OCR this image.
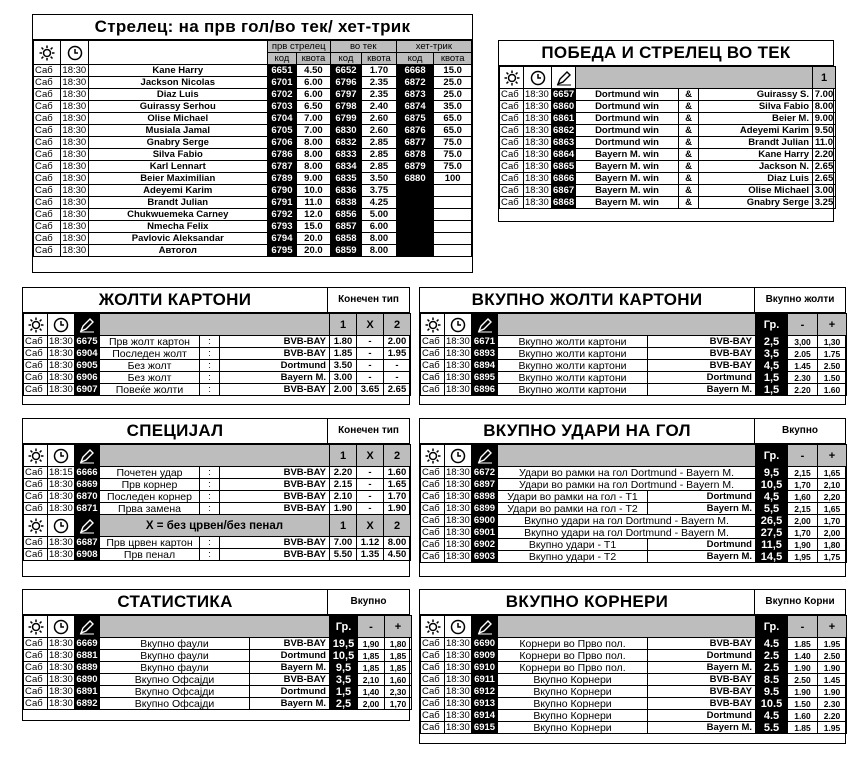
Стрелец: на прв гол/во тек/ хет-трик

		прв стрелец		во тек		хет-трик	
			код	квота	код	квота	код	квота
Саб	18:30	Kane Harry	6651	4.50	6652	1.70	6668	15.0
Саб	18:30	Jackson Nicolas	6701	6.00	6796	2.35	6872	25.0
Саб	18:30	Diaz Luis	6702	6.00	6797	2.35	6873	25.0
Саб	18:30	Guirassy Serhou	6703	6.50	6798	2.40	6874	35.0
Саб	18:30	Olise Michael	6704	7.00	6799	2.60	6875	65.0
Саб	18:30	Musiala Jamal	6705	7.00	6830	2.60	6876	65.0
Саб	18:30	Gnabry Serge	6706	8.00	6832	2.85	6877	75.0
Саб	18:30	Silva Fabio	6786	8.00	6833	2.85	6878	75.0
Саб	18:30	Karl Lennart	6787	8.00	6834	2.85	6879	75.0
Саб	18:30	Beier Maximilian	6789	9.00	6835	3.50	6880	100
Саб	18:30	Adeyemi Karim	6790	10.0	6836	3.75		
Саб	18:30	Brandt Julian	6791	11.0	6838	4.25		
Саб	18:30	Chukwuemeka Carney	6792	12.0	6856	5.00		
Саб	18:30	Nmecha Felix	6793	15.0	6857	6.00		
Саб	18:30	Pavlovic Aleksandar	6794	20.0	6858	8.00		
Саб	18:30	Автогол	6795	20.0	6859	8.00		
ПОБЕДА И СТРЕЛЕЦ ВО ТЕК

		1
Саб	18:30	6657	Dortmund win	&	Guirassy S.	7.00
Саб	18:30	6860	Dortmund win	&	Silva Fabio	8.00
Саб	18:30	6861	Dortmund win	&	Beier M.	9.00
Саб	18:30	6862	Dortmund win	&	Adeyemi Karim	9.50
Саб	18:30	6863	Dortmund win	&	Brandt Julian	11.0
Саб	18:30	6864	Bayern M. win	&	Kane Harry	2.20
Саб	18:30	6865	Bayern M. win	&	Jackson N.	2.65
Саб	18:30	6866	Bayern M. win	&	Diaz Luis	2.65
Саб	18:30	6867	Bayern M. win	&	Olise Michael	3.00
Саб	18:30	6868	Bayern M. win	&	Gnabry Serge	3.25
ЖОЛТИ КАРТОНИ	Конечен тип

		1	X	2
Саб	18:30	6675	Прв жолт картон	:	BVB-BAY	1.80	-	2.00
Саб	18:30	6904	Последен жолт	:	BVB-BAY	1.85	-	1.95
Саб	18:30	6905	Без жолт	:	Dortmund	3.50	-	-
Саб	18:30	6906	Без жолт	:	Bayern M.	3.00	-	-
Саб	18:30	6907	Повеќе жолти	:	BVB-BAY	2.00	3.65	2.65
ВКУПНО ЖОЛТИ КАРТОНИ	Вкупно жолти

		Гр.	-	+
Саб	18:30	6671	Вкупно жолти картони	BVB-BAY	2,5	3,00	1,30
Саб	18:30	6893	Вкупно жолти картони	BVB-BAY	3,5	2.05	1.75
Саб	18:30	6894	Вкупно жолти картони	BVB-BAY	4,5	1.45	2.50
Саб	18:30	6895	Вкупно жолти картони	Dortmund	1,5	2.30	1.50
Саб	18:30	6896	Вкупно жолти картони	Bayern M.	1,5	2.20	1.60
СПЕЦИЈАЛ	Конечен тип

		1	X	2
Саб	18:15	6666	Почетен удар	:	BVB-BAY	2.20	-	1.60
Саб	18:30	6869	Прв корнер	:	BVB-BAY	2.15	-	1.65
Саб	18:30	6870	Последен корнер	:	BVB-BAY	2.10	-	1.70
Саб	18:30	6871	Прва замена	:	BVB-BAY	1.90	-	1.90

	X = без црвен/без пенал			1	X	2
Саб	18:30	6687	Прв црвен картон	:	BVB-BAY	7.00	1.12	8.00
Саб	18:30	6908	Прв пенал	:	BVB-BAY	5.50	1.35	4.50
ВКУПНО УДАРИ НА ГОЛ	Вкупно

		Гр.	-	+
Саб	18:30	6672	Удари во рамки на гол Dortmund - Bayern M.		9,5	2,15	1,65
Саб	18:30	6897	Удари во рамки на гол Dortmund - Bayern M.		10,5	1,70	2,10
Саб	18:30	6898	Удари во рамки на гол - Т1	Dortmund	4,5	1,60	2,20
Саб	18:30	6899	Удари во рамки на гол - Т2	Bayern M.	5,5	2,15	1,65
Саб	18:30	6900	Вкупно удари на гол Dortmund - Bayern M.		26,5	2,00	1,70
Саб	18:30	6901	Вкупно удари на гол Dortmund - Bayern M.		27,5	1,70	2,00
Саб	18:30	6902	Вкупно удари - Т1	Dortmund	11,5	1,90	1,80
Саб	18:30	6903	Вкупно удари - Т2	Bayern M.	14,5	1,95	1,75
СТАТИСТИКА	Вкупно

		Гр.	-	+
Саб	18:30	6669	Вкупно фаули	BVB-BAY	19,5	1,90	1,80
Саб	18:30	6881	Вкупно фаули	Dortmund	10,5	1,85	1,85
Саб	18:30	6889	Вкупно фаули	Bayern M.	9,5	1,85	1,85
Саб	18:30	6890	Вкупно Офсајди	BVB-BAY	3,5	2,10	1,60
Саб	18:30	6891	Вкупно Офсајди	Dortmund	1,5	1,40	2,30
Саб	18:30	6892	Вкупно Офсајди	Bayern M.	2,5	2,00	1,70
ВКУПНО КОРНЕРИ	Вкупно Корни

		Гр.	-	+
Саб	18:30	6690	Корнери во Прво пол.	BVB-BAY	4.5	1.85	1.95
Саб	18:30	6909	Корнери во Прво пол.	Dortmund	2.5	1.40	2.50
Саб	18:30	6910	Корнери во Прво пол.	Bayern M.	2.5	1.90	1.90
Саб	18:30	6911	Вкупно Корнери	BVB-BAY	8.5	2.50	1.45
Саб	18:30	6912	Вкупно Корнери	BVB-BAY	9.5	1.90	1.90
Саб	18:30	6913	Вкупно Корнери	BVB-BAY	10.5	1.50	2.30
Саб	18:30	6914	Вкупно Корнери	Dortmund	4.5	1.60	2.20
Саб	18:30	6915	Вкупно Корнери	Bayern M.	5.5	1.85	1.95
